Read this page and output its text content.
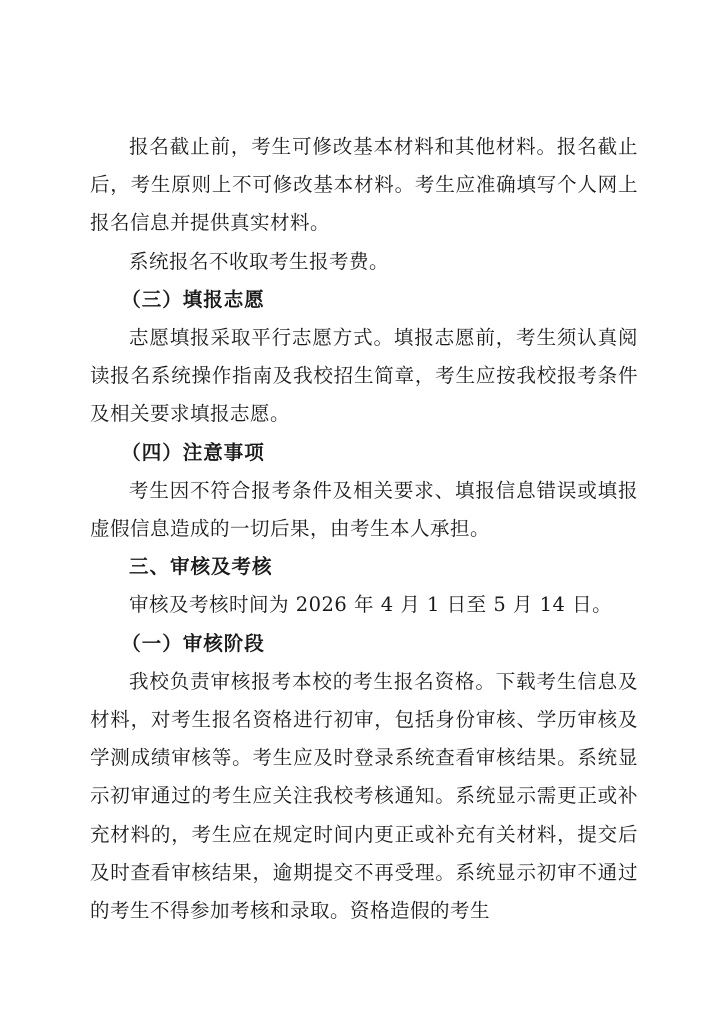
报名截止前，考生可修改基本材料和其他材料。报名截止后，考生原则上不可修改基本材料。考生应准确填写个人网上报名信息并提供真实材料。

系统报名不收取考生报考费。

（三）填报志愿

志愿填报采取平行志愿方式。填报志愿前，考生须认真阅读报名系统操作指南及我校招生简章，考生应按我校报考条件及相关要求填报志愿。

（四）注意事项

考生因不符合报考条件及相关要求、填报信息错误或填报虚假信息造成的一切后果，由考生本人承担。

三、审核及考核

审核及考核时间为 2026 年 4 月 1 日至 5 月 14 日。

（一）审核阶段

我校负责审核报考本校的考生报名资格。下载考生信息及材料，对考生报名资格进行初审，包括身份审核、学历审核及学测成绩审核等。考生应及时登录系统查看审核结果。系统显示初审通过的考生应关注我校考核通知。系统显示需更正或补充材料的，考生应在规定时间内更正或补充有关材料，提交后及时查看审核结果，逾期提交不再受理。系统显示初审不通过的考生不得参加考核和录取。资格造假的考生
